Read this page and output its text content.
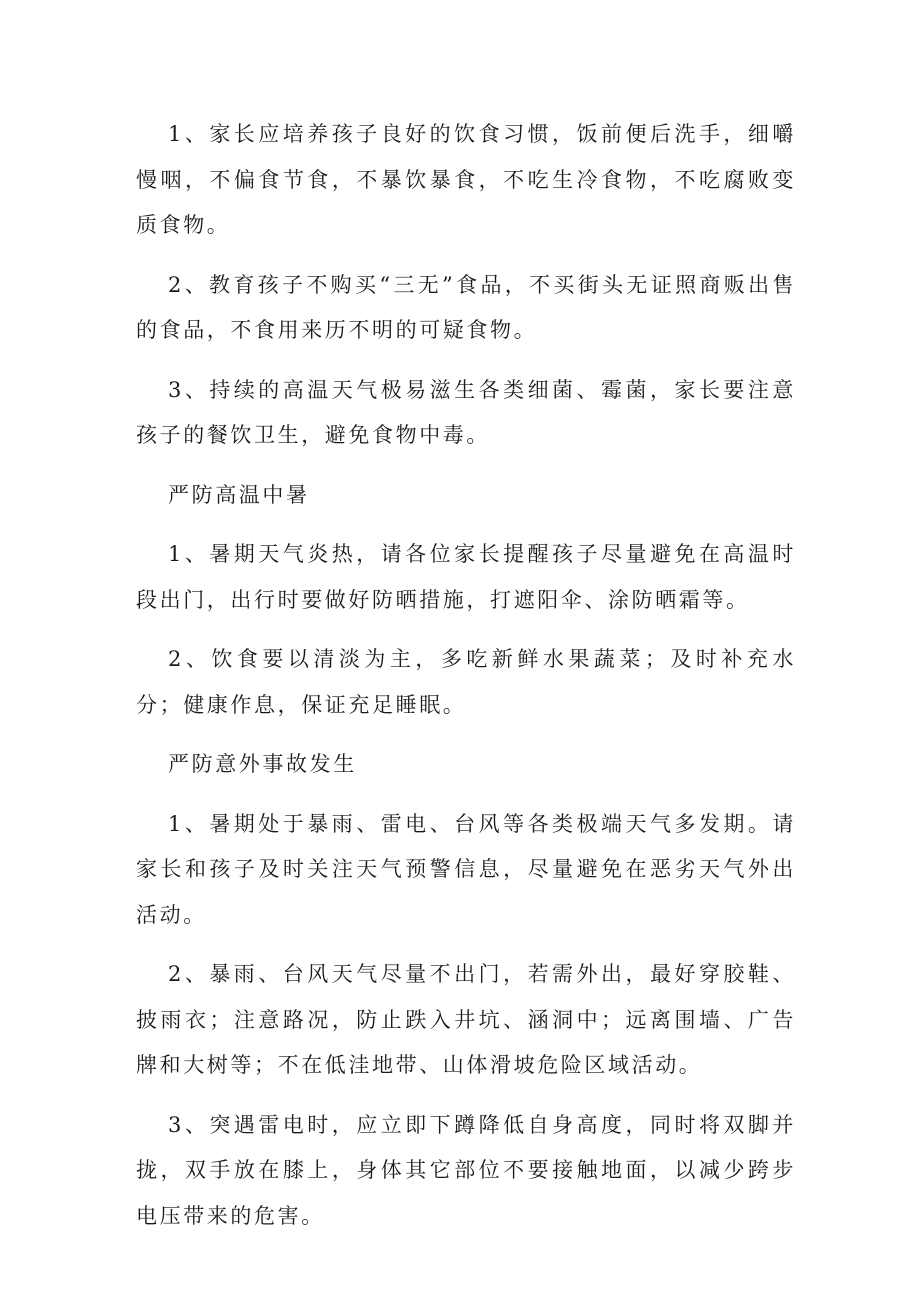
1、家长应培养孩子良好的饮食习惯，饭前便后洗手，细嚼慢咽，不偏食节食，不暴饮暴食，不吃生冷食物，不吃腐败变质食物。

2、教育孩子不购买“三无”食品，不买街头无证照商贩出售的食品，不食用来历不明的可疑食物。

3、持续的高温天气极易滋生各类细菌、霉菌，家长要注意孩子的餐饮卫生，避免食物中毒。

严防高温中暑

1、暑期天气炎热，请各位家长提醒孩子尽量避免在高温时段出门，出行时要做好防晒措施，打遮阳伞、涂防晒霜等。

2、饮食要以清淡为主，多吃新鲜水果蔬菜；及时补充水分；健康作息，保证充足睡眠。

严防意外事故发生

1、暑期处于暴雨、雷电、台风等各类极端天气多发期。请家长和孩子及时关注天气预警信息，尽量避免在恶劣天气外出活动。

2、暴雨、台风天气尽量不出门，若需外出，最好穿胶鞋、披雨衣；注意路况，防止跌入井坑、涵洞中；远离围墙、广告牌和大树等；不在低洼地带、山体滑坡危险区域活动。

3、突遇雷电时，应立即下蹲降低自身高度，同时将双脚并拢，双手放在膝上，身体其它部位不要接触地面，以减少跨步电压带来的危害。
